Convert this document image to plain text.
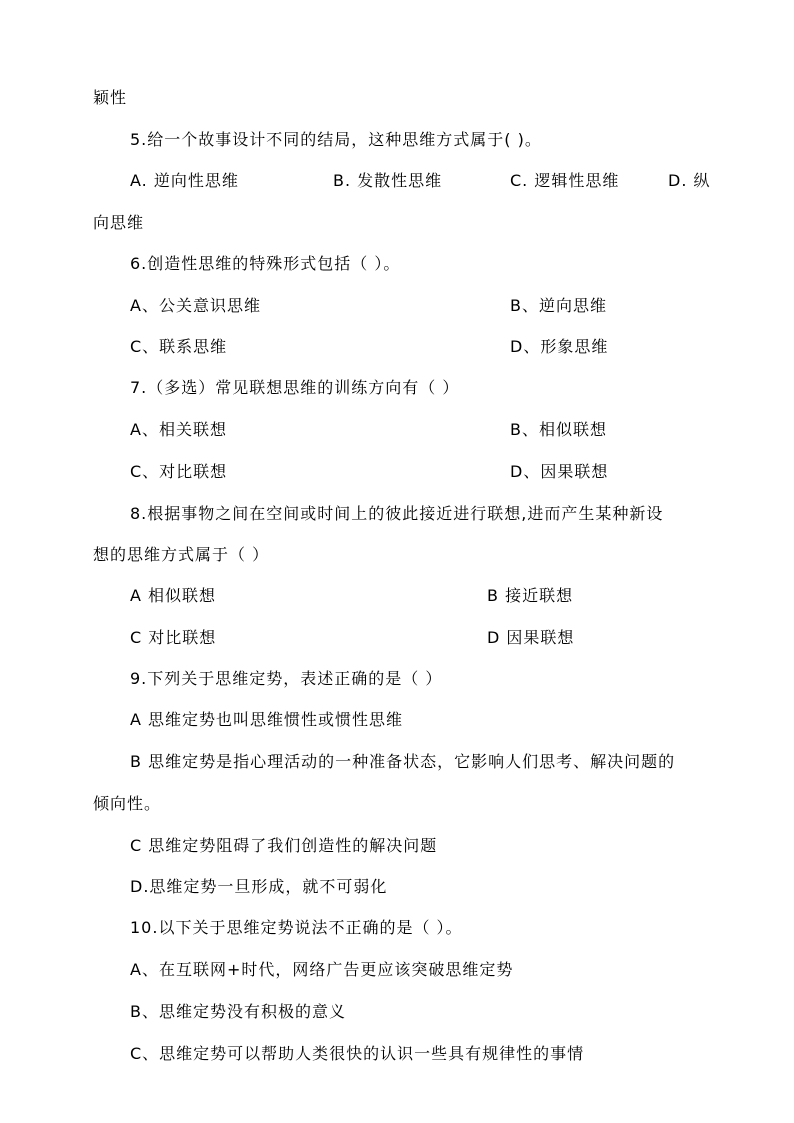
颖性
5.给一个故事设计不同的结局，这种思维方式属于( )。
A. 逆向性思维	B. 发散性思维	C. 逻辑性思维	D. 纵
向思维
6.创造性思维的特殊形式包括（ ）。
A、公关意识思维	B、逆向思维
C、联系思维	D、形象思维
7.（多选）常见联想思维的训练方向有（ ）
A、相关联想	B、相似联想
C、对比联想	D、因果联想
8.根据事物之间在空间或时间上的彼此接近进行联想,进而产生某种新设
想的思维方式属于（ ）
A 相似联想	B 接近联想
C 对比联想	D 因果联想
9.下列关于思维定势，表述正确的是（ ）
A 思维定势也叫思维惯性或惯性思维
B 思维定势是指心理活动的一种准备状态，它影响人们思考、解决问题的
倾向性。
C 思维定势阻碍了我们创造性的解决问题
D.思维定势一旦形成，就不可弱化
10.以下关于思维定势说法不正确的是（ ）。
A、在互联网+时代，网络广告更应该突破思维定势
B、思维定势没有积极的意义
C、思维定势可以帮助人类很快的认识一些具有规律性的事情
